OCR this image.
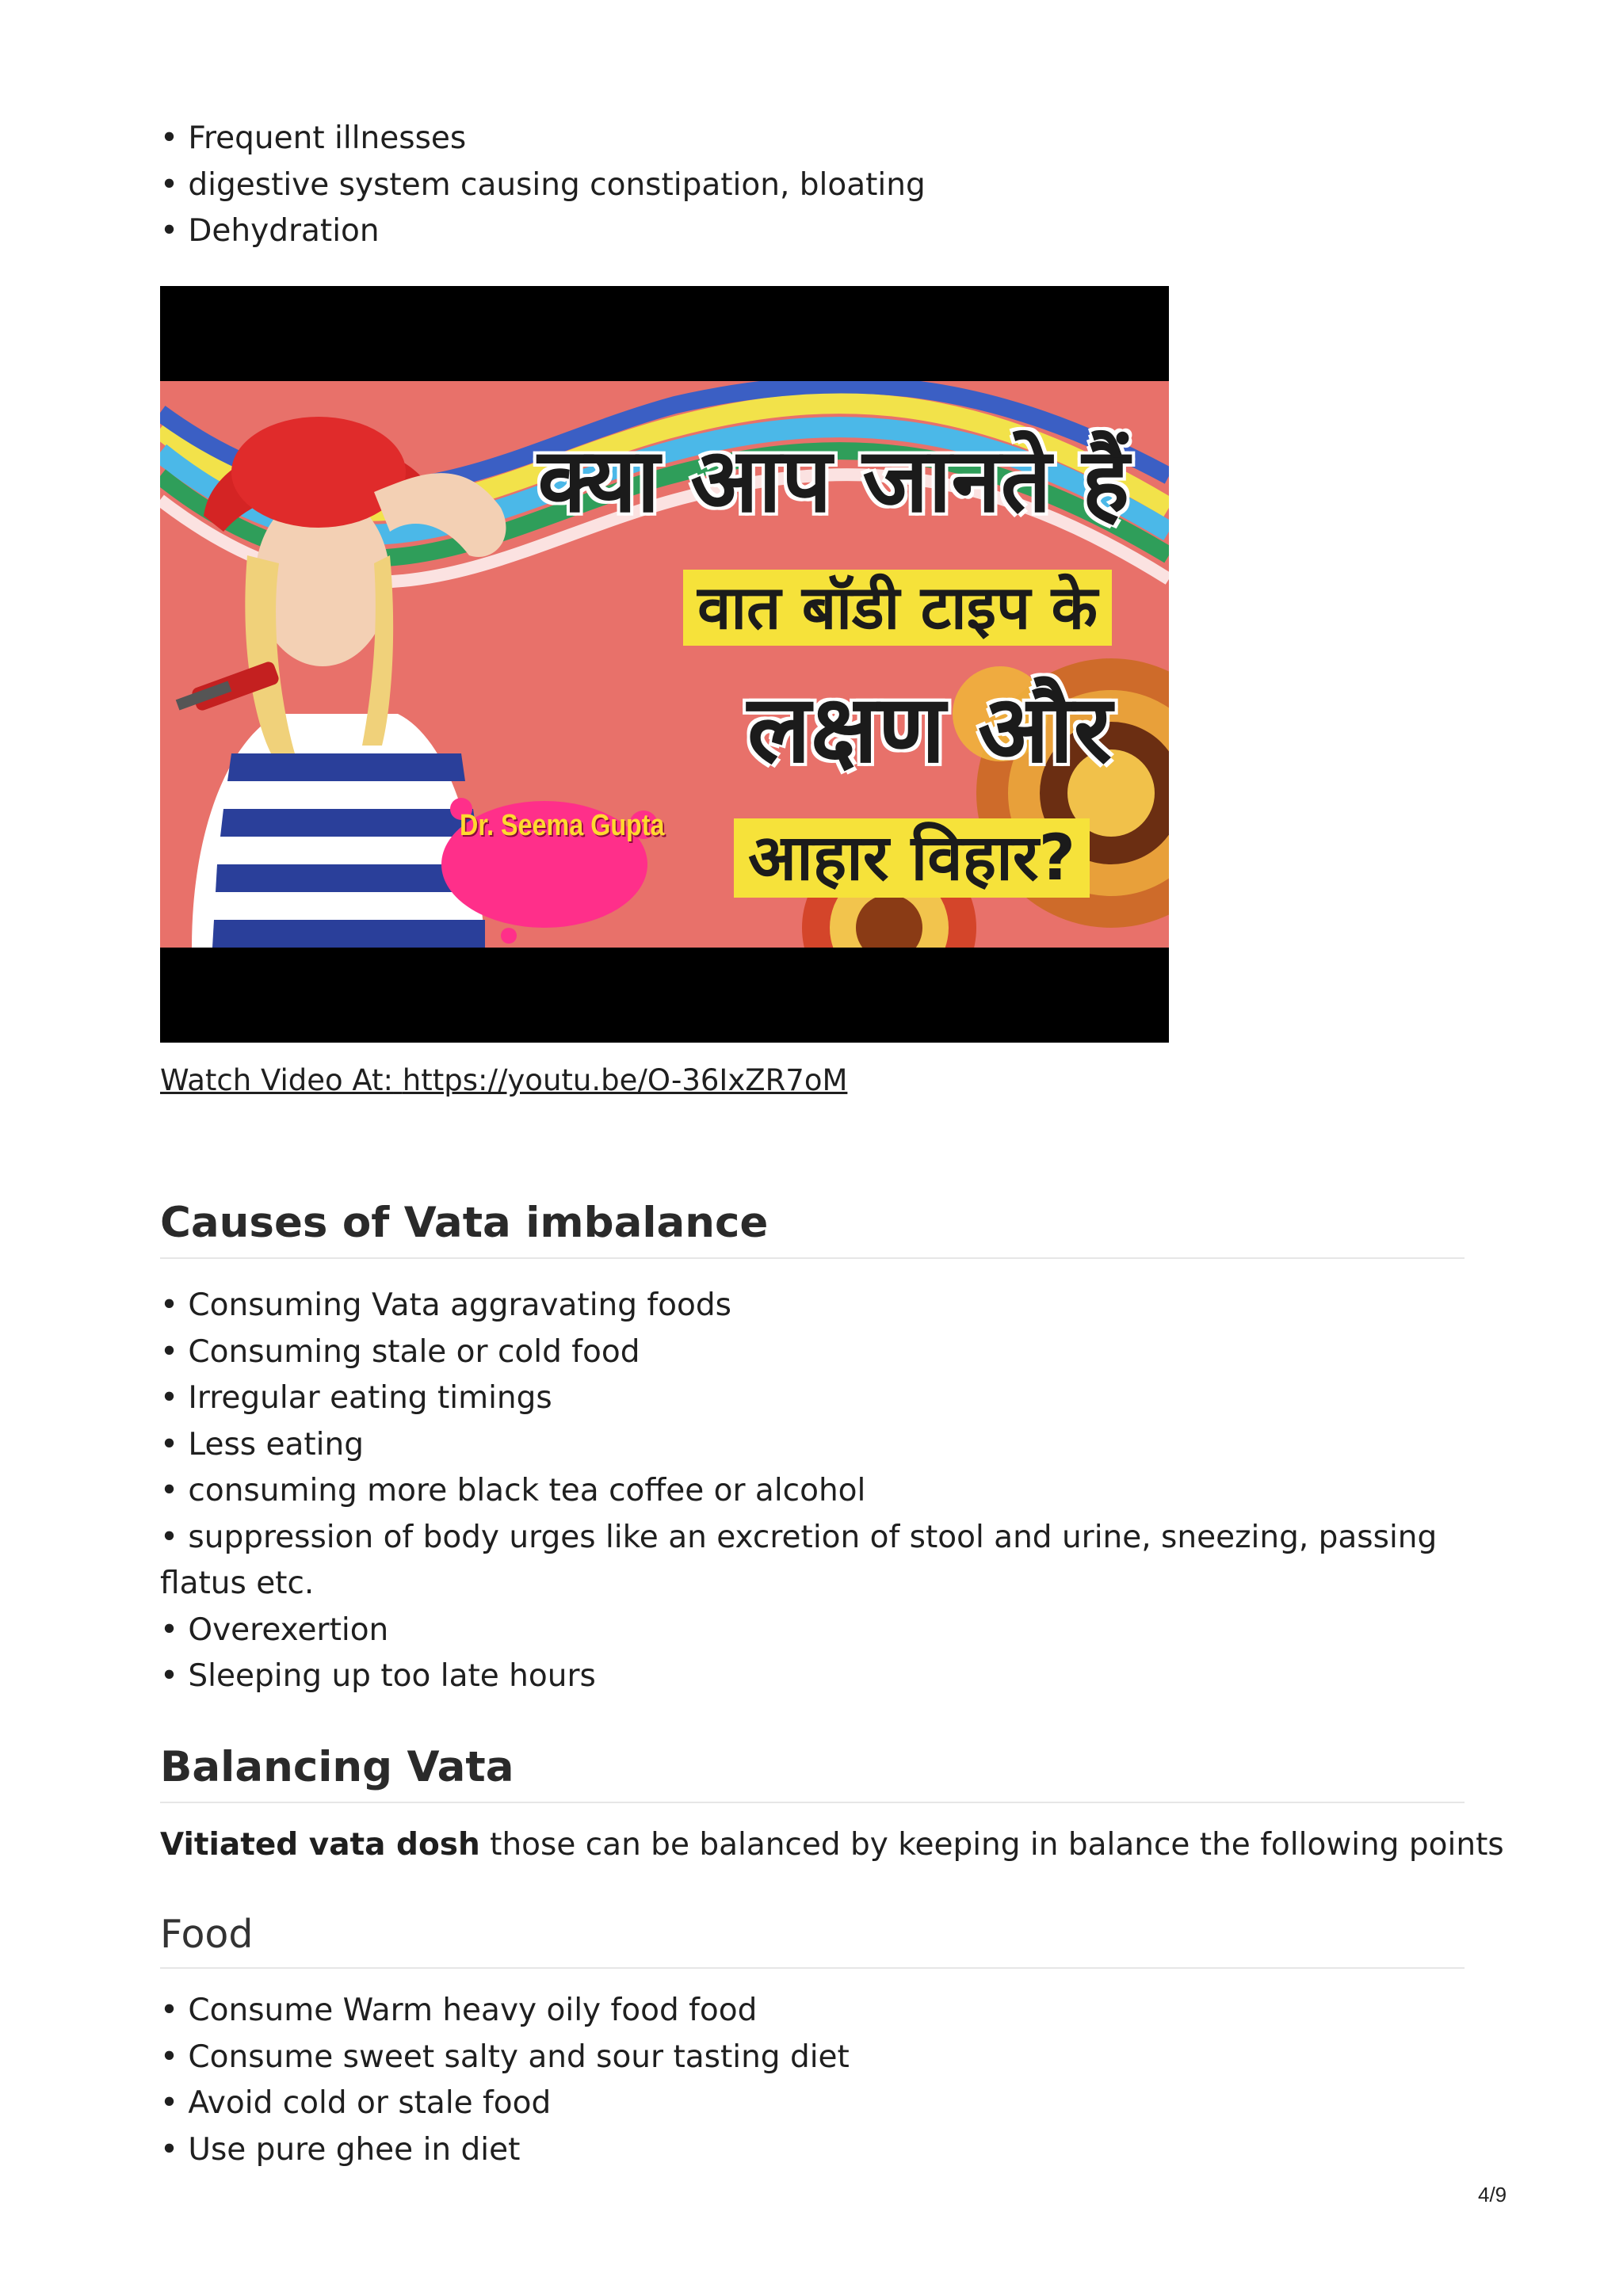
• Frequent illnesses
• digestive system causing constipation, bloating
• Dehydration

क्या आप जानते हैं

वात बॉडी टाइप के

लक्षण और

आहार विहार?

Dr. Seema Gupta
Watch Video At: https://youtu.be/O-36IxZR7oM
Causes of Vata imbalance
• Consuming Vata aggravating foods
• Consuming stale or cold food
• Irregular eating timings
• Less eating
• consuming more black tea coffee or alcohol
• suppression of body urges like an excretion of stool and urine, sneezing, passing flatus etc.
• Overexertion
• Sleeping up too late hours
Balancing Vata

Vitiated vata dosh those can be balanced by keeping in balance the following points

Food
• Consume Warm heavy oily food food
• Consume sweet salty and sour tasting diet
• Avoid cold or stale food
• Use pure ghee in diet
4/9
